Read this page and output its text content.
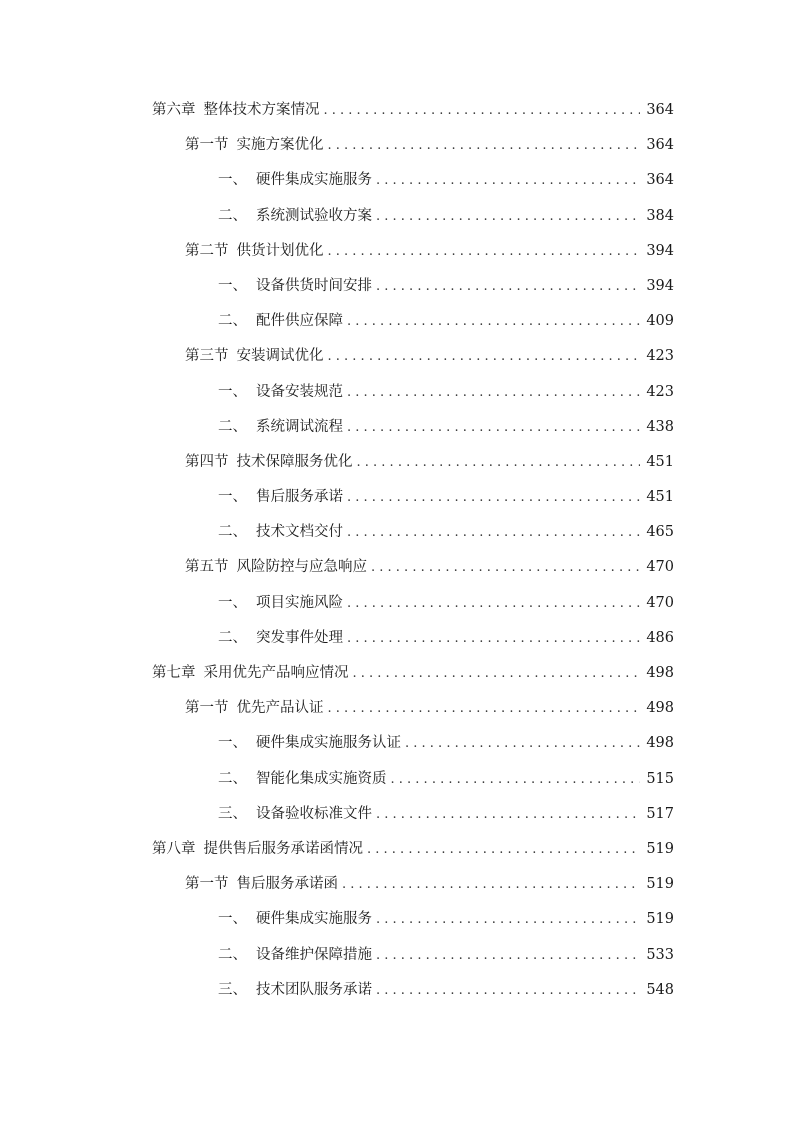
第六章 整体技术方案情况 . . .	364
第一节 实施方案优化 . . .	364
一、 硬件集成实施服务 . . .	364
二、 系统测试验收方案 . . .	384
第二节 供货计划优化 . . .	394
一、 设备供货时间安排 . . .	394
二、 配件供应保障 . . .	409
第三节 安装调试优化 . . .	423
一、 设备安装规范 . . .	423
二、 系统调试流程 . . .	438
第四节 技术保障服务优化 . . .	451
一、 售后服务承诺 . . .	451
二、 技术文档交付 . . .	465
第五节 风险防控与应急响应 . . .	470
一、 项目实施风险 . . .	470
二、 突发事件处理 . . .	486
第七章 采用优先产品响应情况 . . .	498
第一节 优先产品认证 . . .	498
一、 硬件集成实施服务认证 . . .	498
二、 智能化集成实施资质 . . .	515
三、 设备验收标准文件 . . .	517
第八章 提供售后服务承诺函情况 . . .	519
第一节 售后服务承诺函 . . .	519
一、 硬件集成实施服务 . . .	519
二、 设备维护保障措施 . . .	533
三、 技术团队服务承诺 . . .	548
